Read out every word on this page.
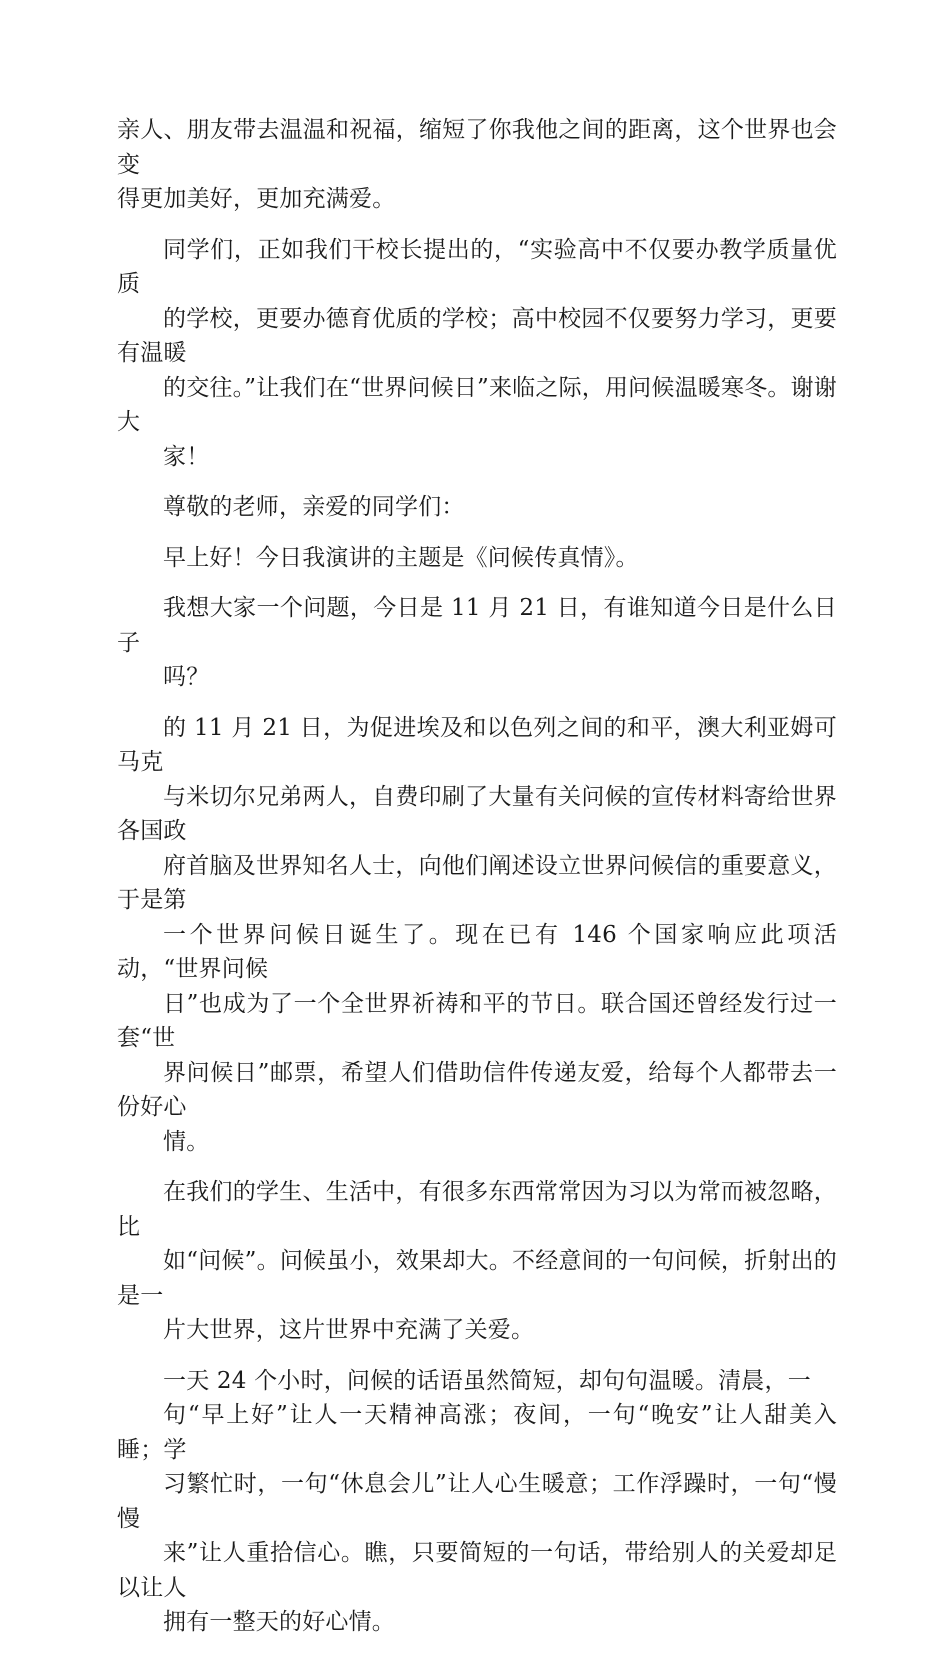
亲人、朋友带去温温和祝福，缩短了你我他之间的距离，这个世界也会变
得更加美好，更加充满爱。

同学们，正如我们干校长提出的，“实验高中不仅要办教学质量优质
的学校，更要办德育优质的学校；高中校园不仅要努力学习，更要有温暖
的交往。”让我们在“世界问候日”来临之际，用问候温暖寒冬。谢谢大
家！

尊敬的老师，亲爱的同学们：

早上好！今日我演讲的主题是《问候传真情》。

我想大家一个问题，今日是 11 月 21 日，有谁知道今日是什么日子
吗？

的 11 月 21 日，为促进埃及和以色列之间的和平，澳大利亚姆可马克
与米切尔兄弟两人，自费印刷了大量有关问候的宣传材料寄给世界各国政
府首脑及世界知名人士，向他们阐述设立世界问候信的重要意义，于是第
一个世界问候日诞生了。现在已有 146 个国家响应此项活动，“世界问候
日”也成为了一个全世界祈祷和平的节日。联合国还曾经发行过一套“世
界问候日”邮票，希望人们借助信件传递友爱，给每个人都带去一份好心
情。

在我们的学生、生活中，有很多东西常常因为习以为常而被忽略，比
如“问候”。问候虽小，效果却大。不经意间的一句问候，折射出的是一
片大世界，这片世界中充满了关爱。

一天 24 个小时，问候的话语虽然简短，却句句温暖。清晨，一
句“早上好”让人一天精神高涨；夜间，一句“晚安”让人甜美入睡；学
习繁忙时，一句“休息会儿”让人心生暖意；工作浮躁时，一句“慢慢
来”让人重拾信心。瞧，只要简短的一句话，带给别人的关爱却足以让人
拥有一整天的好心情。
